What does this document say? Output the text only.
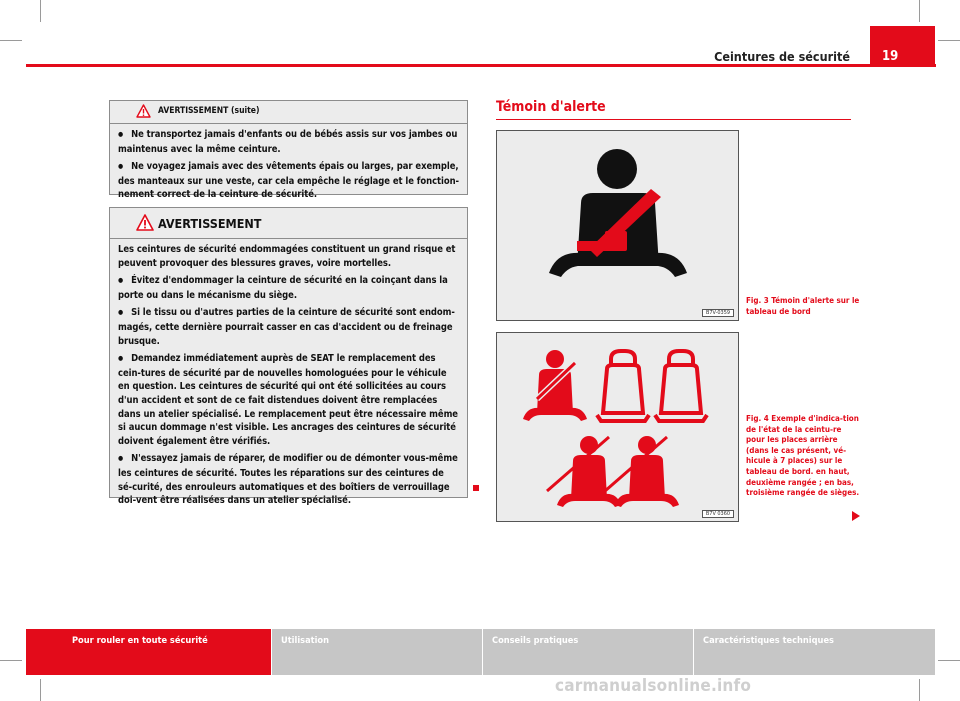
Ceintures de sécurité	19
AVERTISSEMENT (suite)

● Ne transportez jamais d'enfants ou de bébés assis sur vos jambes ou maintenus avec la même ceinture.

● Ne voyagez jamais avec des vêtements épais ou larges, par exemple, des manteaux sur une veste, car cela empêche le réglage et le fonction-nement correct de la ceinture de sécurité.

AVERTISSEMENT

Les ceintures de sécurité endommagées constituent un grand risque et peuvent provoquer des blessures graves, voire mortelles.

● Évitez d'endommager la ceinture de sécurité en la coinçant dans la porte ou dans le mécanisme du siège.

● Si le tissu ou d'autres parties de la ceinture de sécurité sont endom-magés, cette dernière pourrait casser en cas d'accident ou de freinage brusque.

● Demandez immédiatement auprès de SEAT le remplacement des cein-tures de sécurité par de nouvelles homologuées pour le véhicule en question. Les ceintures de sécurité qui ont été sollicitées au cours d'un accident et sont de ce fait distendues doivent être remplacées dans un atelier spécialisé. Le remplacement peut être nécessaire même si aucun dommage n'est visible. Les ancrages des ceintures de sécurité doivent également être vérifiés.

● N'essayez jamais de réparer, de modifier ou de démonter vous-même les ceintures de sécurité. Toutes les réparations sur des ceintures de sé-curité, des enrouleurs automatiques et des boîtiers de verrouillage doi-vent être réalisées dans un atelier spécialisé.

Témoin d'alerte
B7V-0359
Fig. 3 Témoin d'alerte sur le tableau de bord
B7V 0360
Fig. 4 Exemple d'indica-tion de l'état de la ceintu-re pour les places arrière (dans le cas présent, vé-hicule à 7 places) sur le tableau de bord. en haut, deuxième rangée ; en bas, troisième rangée de sièges.
Pour rouler en toute sécurité	Utilisation	Conseils pratiques	Caractéristiques techniques
carmanualsonline.info
